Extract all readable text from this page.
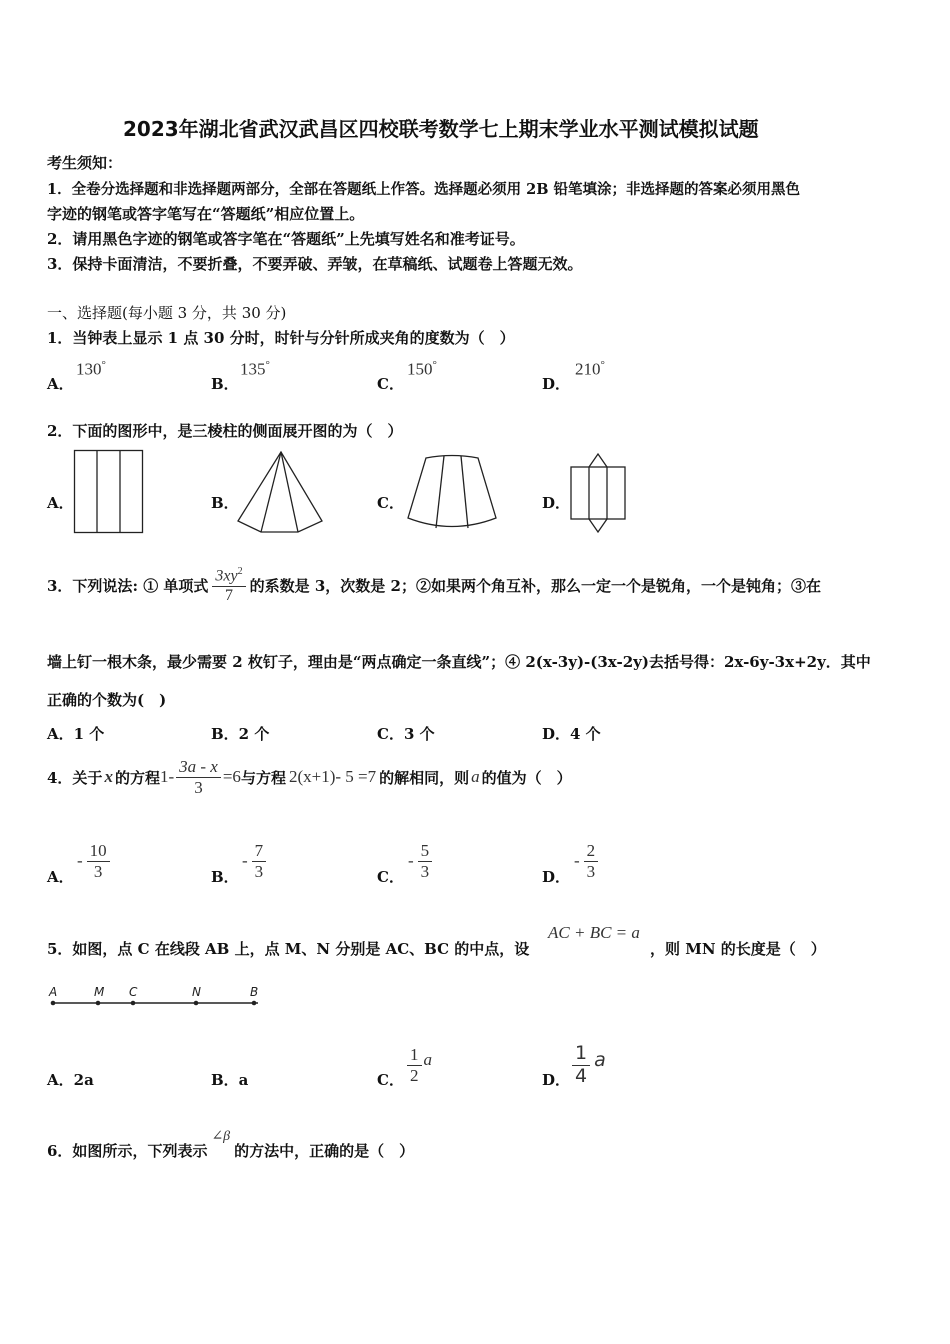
2023年湖北省武汉武昌区四校联考数学七上期末学业水平测试模拟试题
考生须知：
1．全卷分选择题和非选择题两部分，全部在答题纸上作答。选择题必须用 2B 铅笔填涂；非选择题的答案必须用黑色
字迹的钢笔或答字笔写在“答题纸”相应位置上。
2．请用黑色字迹的钢笔或答字笔在“答题纸”上先填写姓名和准考证号。
3．保持卡面清洁，不要折叠，不要弄破、弄皱，在草稿纸、试题卷上答题无效。
一、选择题(每小题 3 分，共 30 分)
1．当钟表上显示 1 点 30 分时，时针与分针所成夹角的度数为（　）
A．
130°
B．
135°
C．
150°
D．
210°
2．下面的图形中，是三棱柱的侧面展开图的为（　）
A．	B．	C．	D．
3．下列说法: ① 单项式 $\frac{3xy^2}{7}$ 的系数是 3，次数是 2；②如果两个角互补，那么一定一个是锐角，一个是钝角；③在
墙上钉一根木条，最少需要 2 枚钉子，理由是“两点确定一条直线”；④ 2(x-3y)-(3x-2y)去括号得：2x-6y-3x+2y．其中
正确的个数为(　)
A．1 个	B．2 个	C．3 个	D．4 个
4．关于 x 的方程 $1- \frac{3a - x}{3} =6$ 与方程 2(x+1)- 5 =7 的解相同，则 a 的值为（　）
A．
- $\frac{10}{3}$	B．
- $\frac{7}{3}$	C．
- $\frac{5}{3}$	D．
- $\frac{2}{3}$
5．如图，点 C 在线段 AB 上，点 M、N 分别是 AC、BC 的中点，设
AC + BC = a
，则 MN 的长度是（　）
A	M C	N	B
A．2a	B．a	C． $\frac{1}{2}$ a
D． $\frac{1}{4}$ a
6．如图所示，下列表示
∠β
的方法中，正确的是（　）
